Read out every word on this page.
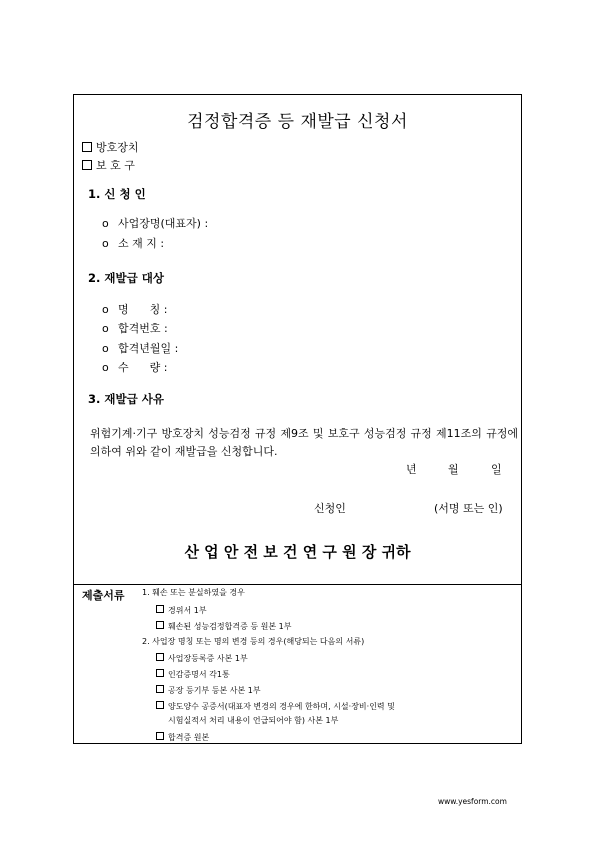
검정합격증 등 재발급 신청서
방호장치
보 호 구
1. 신 청 인
o 사업장명(대표자) :
o 소 재 지 :
2. 재발급 대상
o 명      칭 :
o 합격번호 :
o 합격년월일 :
o 수      량 :
3. 재발급 사유
위험기계·기구 방호장치 성능검정 규정 제9조 및 보호구 성능검정 규정 제11조의 규정에 의하여 위와 같이 재발급을 신청합니다.
년	월	일
신청인	(서명 또는 인)
산 업 안 전 보 건 연 구 원 장 귀하
제출서류 1. 훼손 또는 분실하였을 경우
경위서 1부
훼손된 성능검정합격증 등 원본 1부
2. 사업장 명칭 또는 명의 변경 등의 경우(해당되는 다음의 서류)
사업장등록증 사본 1부
인감증명서 각1통
공장 등기부 등본 사본 1부
양도양수 공증서(대표자 변경의 경우에 한하며, 시설·장비·인력 및
시험실적서 처리 내용이 언급되어야 함) 사본 1부
합격증 원본
www.yesform.com
